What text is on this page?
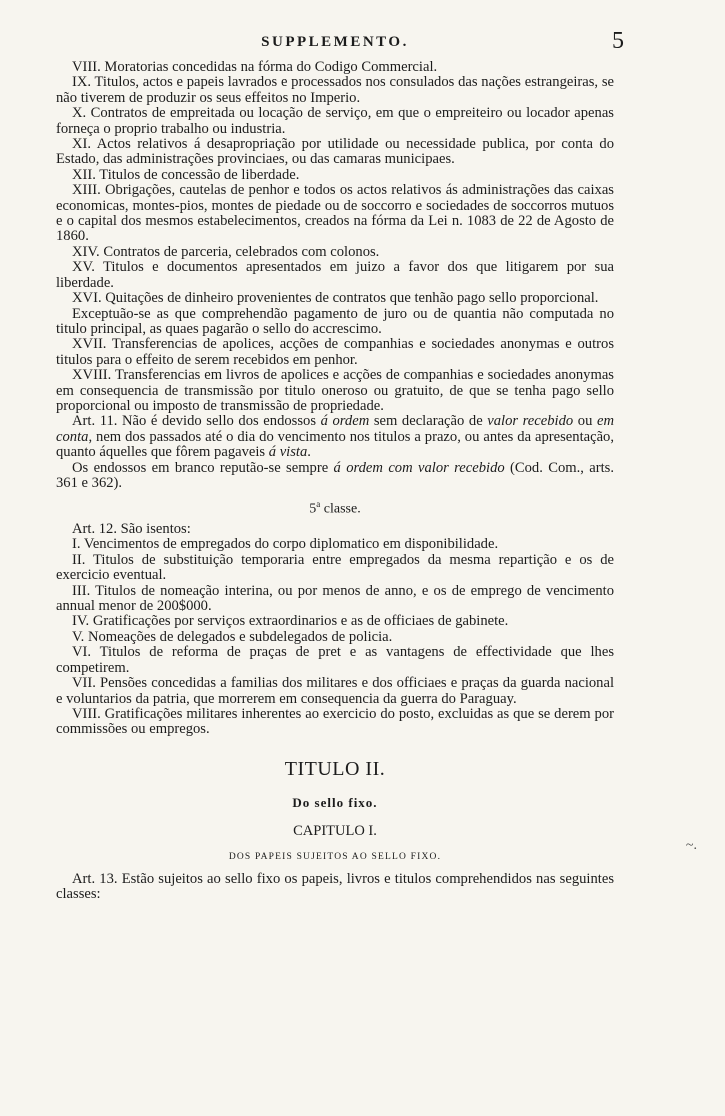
SUPPLEMENTO.	5

VIII. Moratorias concedidas na fórma do Codigo Commercial.

IX. Titulos, actos e papeis lavrados e processados nos consulados das nações estrangeiras, se não tiverem de produzir os seus effeitos no Imperio.

X. Contratos de empreitada ou locação de serviço, em que o empreiteiro ou locador apenas forneça o proprio trabalho ou industria.

XI. Actos relativos á desapropriação por utilidade ou necessidade publica, por conta do Estado, das administrações provinciaes, ou das camaras municipaes.

XII. Titulos de concessão de liberdade.

XIII. Obrigações, cautelas de penhor e todos os actos relativos ás administrações das caixas economicas, montes-pios, montes de piedade ou de soccorro e sociedades de soccorros mutuos e o capital dos mesmos estabelecimentos, creados na fórma da Lei n. 1083 de 22 de Agosto de 1860.

XIV. Contratos de parceria, celebrados com colonos.

XV. Titulos e documentos apresentados em juizo a favor dos que litigarem por sua liberdade.

XVI. Quitações de dinheiro provenientes de contratos que tenhão pago sello proporcional.

Exceptuão-se as que comprehendão pagamento de juro ou de quantia não computada no titulo principal, as quaes pagarão o sello do accrescimo.

XVII. Transferencias de apolices, acções de companhias e sociedades anonymas e outros titulos para o effeito de serem recebidos em penhor.

XVIII. Transferencias em livros de apolices e acções de companhias e sociedades anonymas em consequencia de transmissão por titulo oneroso ou gratuito, de que se tenha pago sello proporcional ou imposto de transmissão de propriedade.

Art. 11. Não é devido sello dos endossos á ordem sem declaração de valor recebido ou em conta, nem dos passados até o dia do vencimento nos titulos a prazo, ou antes da apresentação, quanto áquelles que fôrem pagaveis á vista.

Os endossos em branco reputão-se sempre á ordem com valor recebido (Cod. Com., arts. 361 e 362).

5$^a$ classe.

Art. 12. São isentos:

I. Vencimentos de empregados do corpo diplomatico em disponibilidade.

II. Titulos de substituição temporaria entre empregados da mesma repartição e os de exercicio eventual.

III. Titulos de nomeação interina, ou por menos de anno, e os de emprego de vencimento annual menor de 200$000.

IV. Gratificações por serviços extraordinarios e as de officiaes de gabinete.

V. Nomeações de delegados e subdelegados de policia.

VI. Titulos de reforma de praças de pret e as vantagens de effectividade que lhes competirem.

VII. Pensões concedidas a familias dos militares e dos officiaes e praças da guarda nacional e voluntarios da patria, que morrerem em consequencia da guerra do Paraguay.

VIII. Gratificações militares inherentes ao exercicio do posto, excluidas as que se derem por commissões ou empregos.

TITULO II.
Do sello fixo.
CAPITULO I.
DOS PAPEIS SUJEITOS AO SELLO FIXO.

Art. 13. Estão sujeitos ao sello fixo os papeis, livros e titulos comprehendidos nas seguintes classes:

~.
